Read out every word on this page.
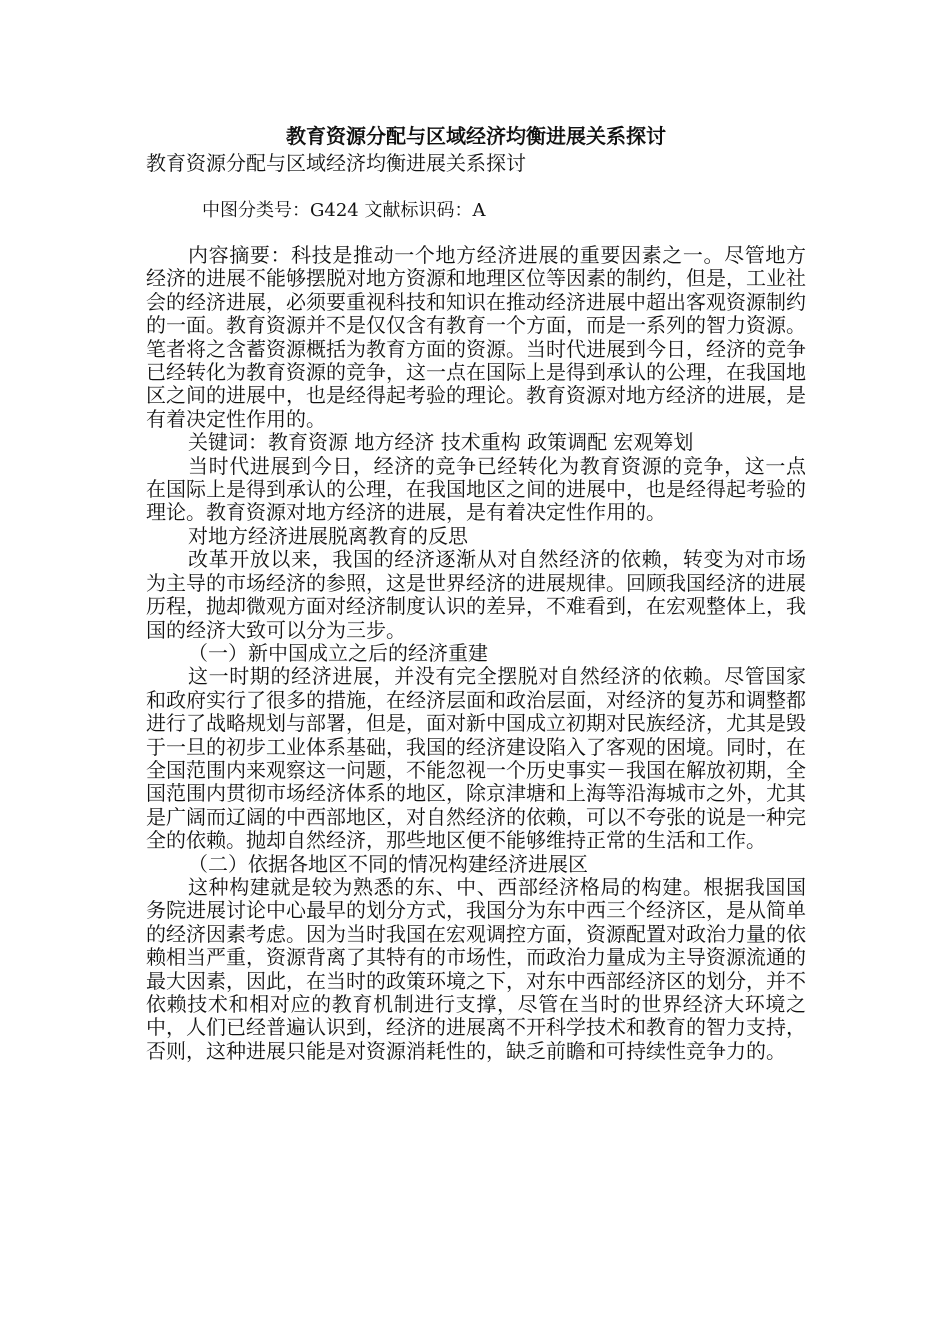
教育资源分配与区域经济均衡进展关系探讨
教育资源分配与区域经济均衡进展关系探讨
中图分类号：G424 文献标识码：A

内容摘要：科技是推动一个地方经济进展的重要因素之一。尽管地方经济的进展不能够摆脱对地方资源和地理区位等因素的制约，但是，工业社会的经济进展，必须要重视科技和知识在推动经济进展中超出客观资源制约的一面。教育资源并不是仅仅含有教育一个方面，而是一系列的智力资源。笔者将之含蓄资源概括为教育方面的资源。当时代进展到今日，经济的竞争已经转化为教育资源的竞争，这一点在国际上是得到承认的公理，在我国地区之间的进展中，也是经得起考验的理论。教育资源对地方经济的进展，是有着决定性作用的。

关键词：教育资源 地方经济 技术重构 政策调配 宏观筹划

当时代进展到今日，经济的竞争已经转化为教育资源的竞争，这一点在国际上是得到承认的公理，在我国地区之间的进展中，也是经得起考验的理论。教育资源对地方经济的进展，是有着决定性作用的。

对地方经济进展脱离教育的反思

改革开放以来，我国的经济逐渐从对自然经济的依赖，转变为对市场为主导的市场经济的参照，这是世界经济的进展规律。回顾我国经济的进展历程，抛却微观方面对经济制度认识的差异，不难看到，在宏观整体上，我国的经济大致可以分为三步。

（一）新中国成立之后的经济重建

这一时期的经济进展，并没有完全摆脱对自然经济的依赖。尽管国家和政府实行了很多的措施，在经济层面和政治层面，对经济的复苏和调整都进行了战略规划与部署，但是，面对新中国成立初期对民族经济，尤其是毁于一旦的初步工业体系基础，我国的经济建设陷入了客观的困境。同时，在全国范围内来观察这一问题，不能忽视一个历史事实－我国在解放初期，全国范围内贯彻市场经济体系的地区，除京津塘和上海等沿海城市之外，尤其是广阔而辽阔的中西部地区，对自然经济的依赖，可以不夸张的说是一种完全的依赖。抛却自然经济，那些地区便不能够维持正常的生活和工作。

（二）依据各地区不同的情况构建经济进展区

这种构建就是较为熟悉的东、中、西部经济格局的构建。根据我国国务院进展讨论中心最早的划分方式，我国分为东中西三个经济区，是从简单的经济因素考虑。因为当时我国在宏观调控方面，资源配置对政治力量的依赖相当严重，资源背离了其特有的市场性，而政治力量成为主导资源流通的最大因素，因此，在当时的政策环境之下，对东中西部经济区的划分，并不依赖技术和相对应的教育机制进行支撑，尽管在当时的世界经济大环境之中，人们已经普遍认识到，经济的进展离不开科学技术和教育的智力支持，否则，这种进展只能是对资源消耗性的，缺乏前瞻和可持续性竞争力的。
